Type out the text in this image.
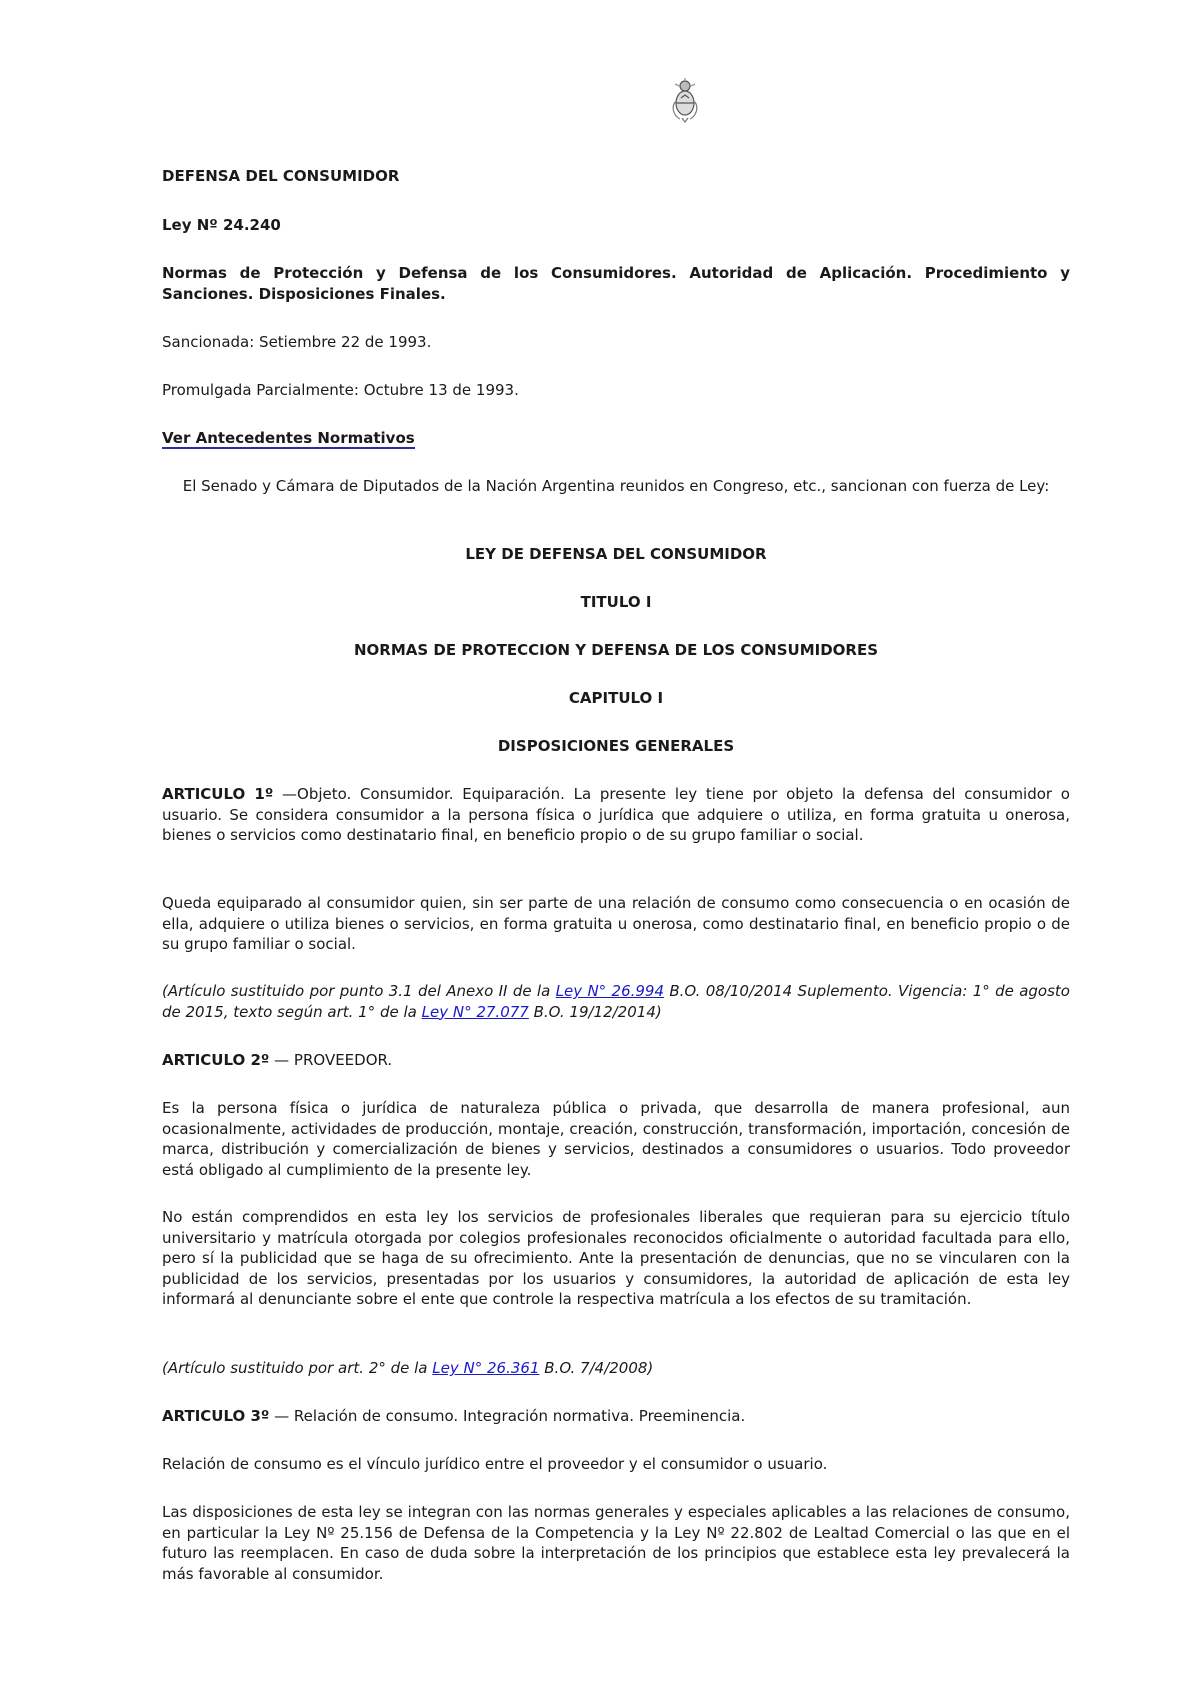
DEFENSA DEL CONSUMIDOR

Ley Nº 24.240

Normas de Protección y Defensa de los Consumidores. Autoridad de Aplicación. Procedimiento y Sanciones. Disposiciones Finales.

Sancionada: Setiembre 22 de 1993.

Promulgada Parcialmente: Octubre 13 de 1993.

Ver Antecedentes Normativos

El Senado y Cámara de Diputados de la Nación Argentina reunidos en Congreso, etc., sancionan con fuerza de Ley:

LEY DE DEFENSA DEL CONSUMIDOR

TITULO I

NORMAS DE PROTECCION Y DEFENSA DE LOS CONSUMIDORES

CAPITULO I

DISPOSICIONES GENERALES

ARTICULO 1º —Objeto. Consumidor. Equiparación. La presente ley tiene por objeto la defensa del consumidor o usuario. Se considera consumidor a la persona física o jurídica que adquiere o utiliza, en forma gratuita u onerosa, bienes o servicios como destinatario final, en beneficio propio o de su grupo familiar o social.

Queda equiparado al consumidor quien, sin ser parte de una relación de consumo como consecuencia o en ocasión de ella, adquiere o utiliza bienes o servicios, en forma gratuita u onerosa, como destinatario final, en beneficio propio o de su grupo familiar o social.

(Artículo sustituido por punto 3.1 del Anexo II de la Ley N° 26.994 B.O. 08/10/2014 Suplemento. Vigencia: 1° de agosto de 2015, texto según art. 1° de la Ley N° 27.077 B.O. 19/12/2014)

ARTICULO 2º — PROVEEDOR.

Es la persona física o jurídica de naturaleza pública o privada, que desarrolla de manera profesional, aun ocasionalmente, actividades de producción, montaje, creación, construcción, transformación, importación, concesión de marca, distribución y comercialización de bienes y servicios, destinados a consumidores o usuarios. Todo proveedor está obligado al cumplimiento de la presente ley.

No están comprendidos en esta ley los servicios de profesionales liberales que requieran para su ejercicio título universitario y matrícula otorgada por colegios profesionales reconocidos oficialmente o autoridad facultada para ello, pero sí la publicidad que se haga de su ofrecimiento. Ante la presentación de denuncias, que no se vincularen con la publicidad de los servicios, presentadas por los usuarios y consumidores, la autoridad de aplicación de esta ley informará al denunciante sobre el ente que controle la respectiva matrícula a los efectos de su tramitación.

(Artículo sustituido por art. 2° de la Ley N° 26.361 B.O. 7/4/2008)

ARTICULO 3º — Relación de consumo. Integración normativa. Preeminencia.

Relación de consumo es el vínculo jurídico entre el proveedor y el consumidor o usuario.

Las disposiciones de esta ley se integran con las normas generales y especiales aplicables a las relaciones de consumo, en particular la Ley Nº 25.156 de Defensa de la Competencia y la Ley Nº 22.802 de Lealtad Comercial o las que en el futuro las reemplacen. En caso de duda sobre la interpretación de los principios que establece esta ley prevalecerá la más favorable al consumidor.
